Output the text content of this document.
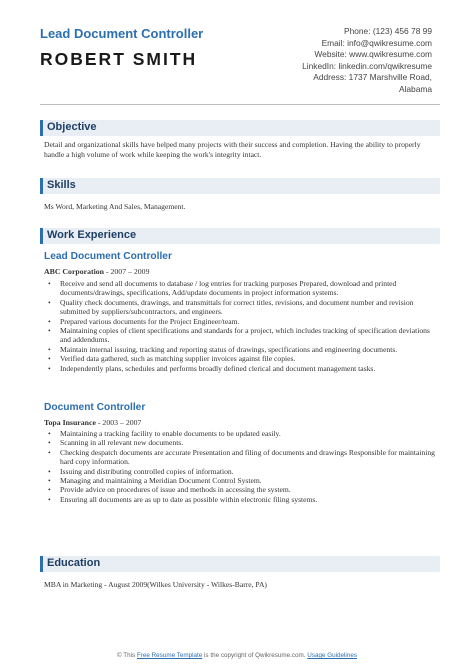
Lead Document Controller
ROBERT SMITH
Phone: (123) 456 78 99
Email: info@qwikresume.com
Website: www.qwikresume.com
LinkedIn: linkedin.com/qwikresume
Address: 1737 Marshville Road,
Alabama
Objective
Detail and organizational skills have helped many projects with their success and completion. Having the ability to properly handle a high volume of work while keeping the work's integrity intact.
Skills
Ms Word, Marketing And Sales, Management.
Work Experience
Lead Document Controller
ABC Corporation - 2007 – 2009
• Receive and send all documents to database / log entries for tracking purposes Prepared, download and printed documents/drawings, specifications, Add/update documents in project information systems.
• Quality check documents, drawings, and transmittals for correct titles, revisions, and document number and revision submitted by suppliers/subcontractors, and engineers.
• Prepared various documents for the Project Engineer/team.
• Maintaining copies of client specifications and standards for a project, which includes tracking of specification deviations and addendums.
• Maintain internal issuing, tracking and reporting status of drawings, specifications and engineering documents.
• Verified data gathered, such as matching supplier invoices against file copies.
• Independently plans, schedules and performs broadly defined clerical and document management tasks.
Document Controller
Topa Insurance - 2003 – 2007
• Maintaining a tracking facility to enable documents to be updated easily.
• Scanning in all relevant new documents.
• Checking despatch documents are accurate Presentation and filing of documents and drawings Responsible for maintaining hard copy information.
• Issuing and distributing controlled copies of information.
• Managing and maintaining a Meridian Document Control System.
• Provide advice on procedures of issue and methods in accessing the system.
• Ensuring all documents are as up to date as possible within electronic filing systems.
Education
MBA in Marketing - August 2009(Wilkes University - Wilkes-Barre, PA)
© This Free Resume Template is the copyright of Qwikresume.com. Usage Guidelines
